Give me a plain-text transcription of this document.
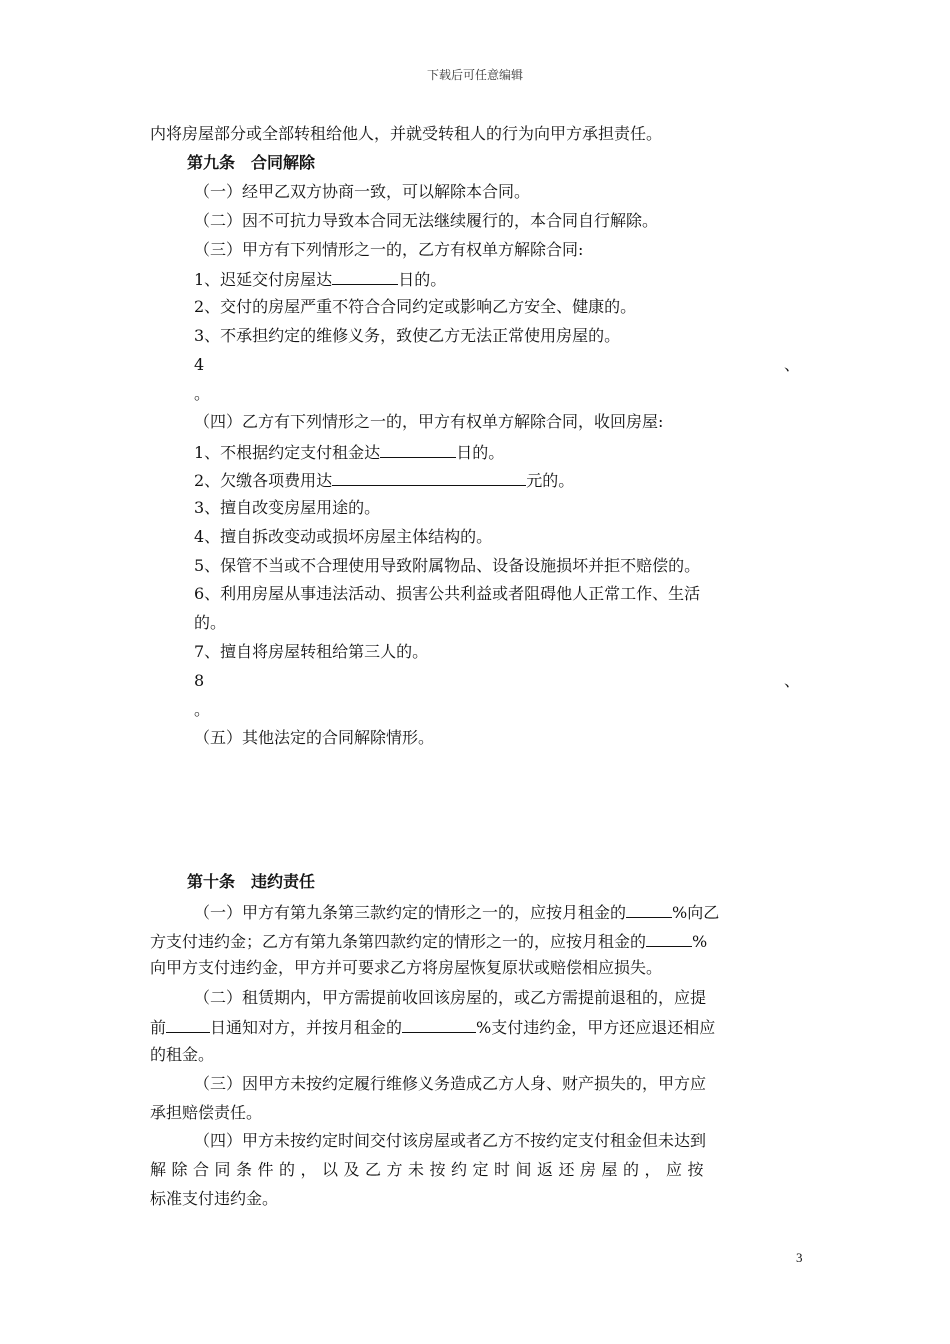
下载后可任意编辑
内将房屋部分或全部转租给他人，并就受转租人的行为向甲方承担责任。
第九条　合同解除
（一）经甲乙双方协商一致，可以解除本合同。
（二）因不可抗力导致本合同无法继续履行的，本合同自行解除。
（三）甲方有下列情形之一的，乙方有权单方解除合同:
1、迟延交付房屋达	日的。
2、交付的房屋严重不符合合同约定或影响乙方安全、健康的。
3、不承担约定的维修义务，致使乙方无法正常使用房屋的。
4	、
。
（四）乙方有下列情形之一的，甲方有权单方解除合同，收回房屋:
1、不根据约定支付租金达	日的。
2、欠缴各项费用达	元的。
3、擅自改变房屋用途的。
4、擅自拆改变动或损坏房屋主体结构的。
5、保管不当或不合理使用导致附属物品、设备设施损坏并拒不赔偿的。
6、利用房屋从事违法活动、损害公共利益或者阻碍他人正常工作、生活
的。
7、擅自将房屋转租给第三人的。
8	、
。
（五）其他法定的合同解除情形。
第十条　违约责任
（一）甲方有第九条第三款约定的情形之一的，应按月租金的	%向乙
方支付违约金；乙方有第九条第四款约定的情形之一的，应按月租金的	%
向甲方支付违约金，甲方并可要求乙方将房屋恢复原状或赔偿相应损失。
（二）租赁期内，甲方需提前收回该房屋的，或乙方需提前退租的，应提
前	日通知对方，并按月租金的	%支付违约金，甲方还应退还相应
的租金。
（三）因甲方未按约定履行维修义务造成乙方人身、财产损失的，甲方应
承担赔偿责任。
（四）甲方未按约定时间交付该房屋或者乙方不按约定支付租金但未达到
解除合同条件的，以及乙方未按约定时间返还房屋的，应按
标准支付违约金。
3
